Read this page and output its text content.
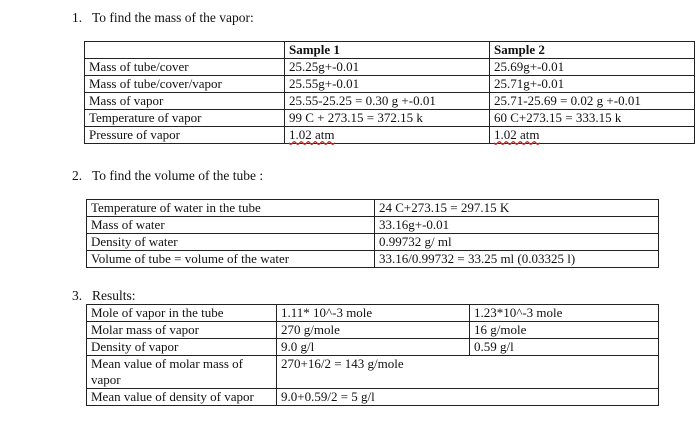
1. To find the mass of the vapor:
	Sample 1	Sample 2
Mass of tube/cover	25.25g+-0.01	25.69g+-0.01
Mass of tube/cover/vapor	25.55g+-0.01	25.71g+-0.01
Mass of vapor	25.55-25.25 = 0.30 g +-0.01	25.71-25.69 = 0.02 g +-0.01
Temperature of vapor	99 C + 273.15 = 372.15 k	60 C+273.15 = 333.15 k
Pressure of vapor	1.02 atm	1.02 atm
2. To find the volume of the tube :
Temperature of water in the tube	24 C+273.15 = 297.15 K
Mass of water	33.16g+-0.01
Density of water	0.99732 g/ ml
Volume of tube = volume of the water	33.16/0.99732 = 33.25 ml (0.03325 l)
3. Results:
Mole of vapor in the tube	1.11* 10^-3 mole	1.23*10^-3 mole
Molar mass of vapor	270 g/mole	16 g/mole
Density of vapor	9.0 g/l	0.59 g/l
Mean value of molar mass of vapor	270+16/2 = 143 g/mole	
Mean value of density of vapor	9.0+0.59/2 = 5 g/l	
